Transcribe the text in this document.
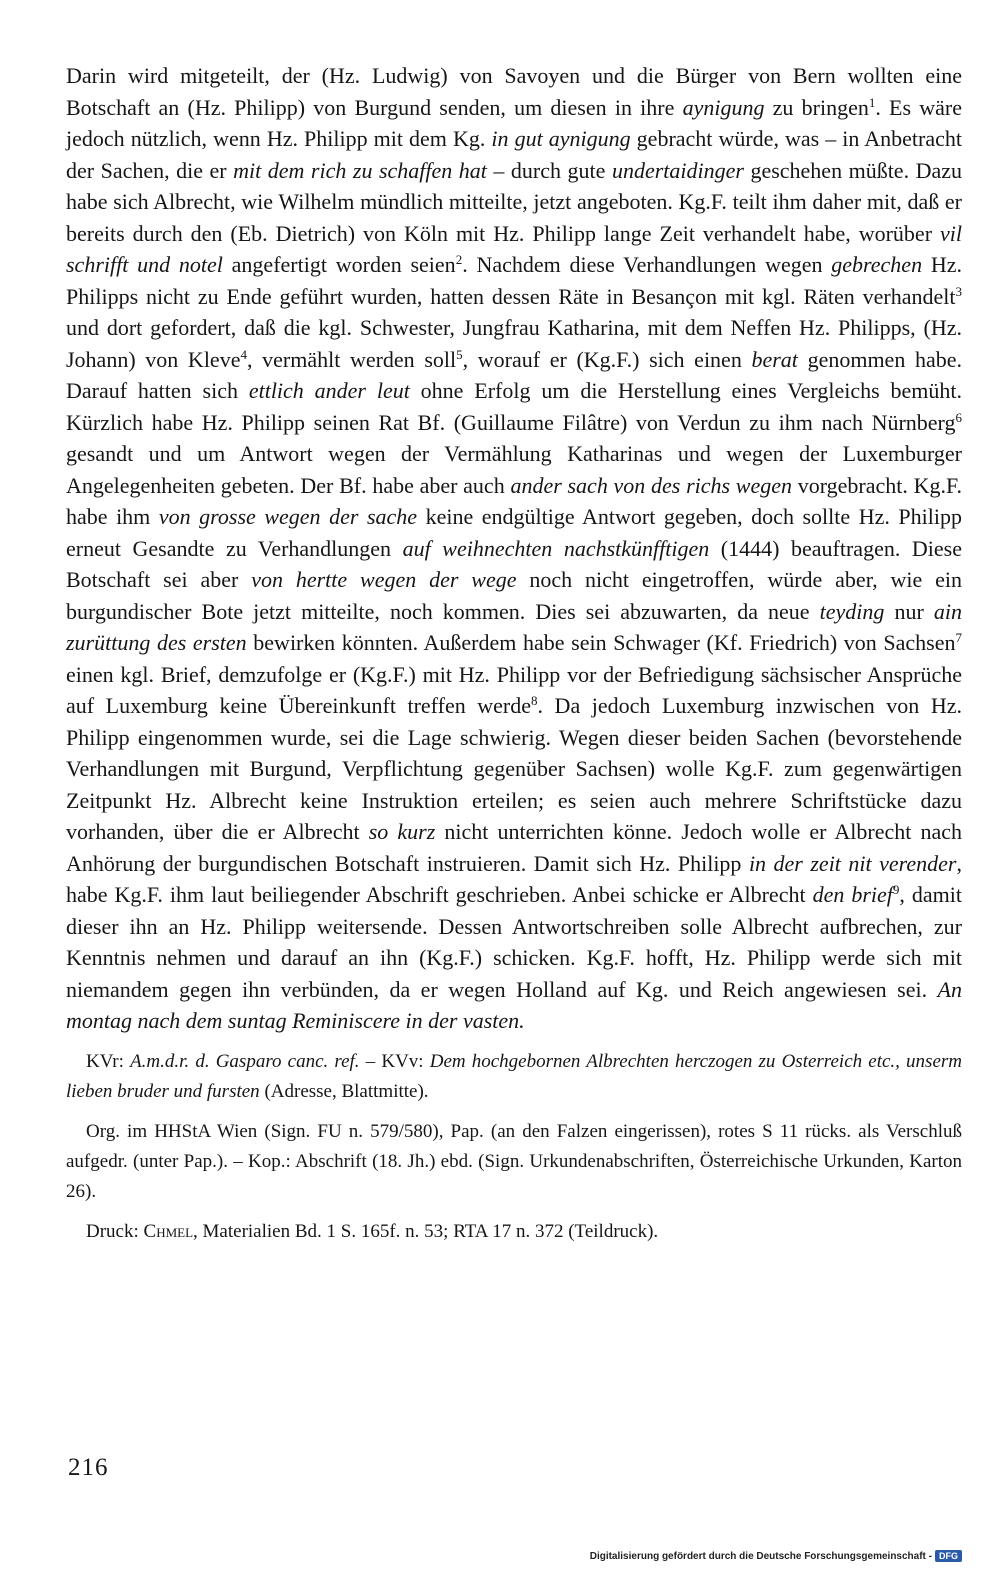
Darin wird mitgeteilt, der (Hz. Ludwig) von Savoyen und die Bürger von Bern wollten eine Botschaft an (Hz. Philipp) von Burgund senden, um diesen in ihre aynigung zu bringen$^1$. Es wäre jedoch nützlich, wenn Hz. Philipp mit dem Kg. in gut aynigung gebracht würde, was – in Anbetracht der Sachen, die er mit dem rich zu schaffen hat – durch gute undertaidinger geschehen müßte. Dazu habe sich Albrecht, wie Wilhelm mündlich mitteilte, jetzt angeboten. Kg.F. teilt ihm daher mit, daß er bereits durch den (Eb. Dietrich) von Köln mit Hz. Philipp lange Zeit verhandelt habe, worüber vil schrifft und notel angefertigt worden seien$^2$. Nachdem diese Verhandlungen wegen gebrechen Hz. Philipps nicht zu Ende geführt wurden, hatten dessen Räte in Besançon mit kgl. Räten verhandelt$^3$ und dort gefordert, daß die kgl. Schwester, Jungfrau Katharina, mit dem Neffen Hz. Philipps, (Hz. Johann) von Kleve$^4$, vermählt werden soll$^5$, worauf er (Kg.F.) sich einen berat genommen habe. Darauf hatten sich ettlich ander leut ohne Erfolg um die Herstellung eines Vergleichs bemüht. Kürzlich habe Hz. Philipp seinen Rat Bf. (Guillaume Filâtre) von Verdun zu ihm nach Nürnberg$^6$ gesandt und um Antwort wegen der Vermählung Katharinas und wegen der Luxemburger Angelegenheiten gebeten. Der Bf. habe aber auch ander sach von des richs wegen vorgebracht. Kg.F. habe ihm von grosse wegen der sache keine endgültige Antwort gegeben, doch sollte Hz. Philipp erneut Gesandte zu Verhandlungen auf weihnechten nachstkünfftigen (1444) beauftragen. Diese Botschaft sei aber von hertte wegen der wege noch nicht eingetroffen, würde aber, wie ein burgundischer Bote jetzt mitteilte, noch kommen. Dies sei abzuwarten, da neue teyding nur ain zurüttung des ersten bewirken könnten. Außerdem habe sein Schwager (Kf. Friedrich) von Sachsen$^7$ einen kgl. Brief, demzufolge er (Kg.F.) mit Hz. Philipp vor der Befriedigung sächsischer Ansprüche auf Luxemburg keine Übereinkunft treffen werde$^8$. Da jedoch Luxemburg inzwischen von Hz. Philipp eingenommen wurde, sei die Lage schwierig. Wegen dieser beiden Sachen (bevorstehende Verhandlungen mit Burgund, Verpflichtung gegenüber Sachsen) wolle Kg.F. zum gegenwärtigen Zeitpunkt Hz. Albrecht keine Instruktion erteilen; es seien auch mehrere Schriftstücke dazu vorhanden, über die er Albrecht so kurz nicht unterrichten könne. Jedoch wolle er Albrecht nach Anhörung der burgundischen Botschaft instruieren. Damit sich Hz. Philipp in der zeit nit verender, habe Kg.F. ihm laut beiliegender Abschrift geschrieben. Anbei schicke er Albrecht den brief$^9$, damit dieser ihn an Hz. Philipp weitersende. Dessen Antwortschreiben solle Albrecht aufbrechen, zur Kenntnis nehmen und darauf an ihn (Kg.F.) schicken. Kg.F. hofft, Hz. Philipp werde sich mit niemandem gegen ihn verbünden, da er wegen Holland auf Kg. und Reich angewiesen sei. An montag nach dem suntag Reminiscere in der vasten.

KVr: A.m.d.r. d. Gasparo canc. ref. – KVv: Dem hochgebornen Albrechten herczogen zu Osterreich etc., unserm lieben bruder und fursten (Adresse, Blattmitte).

Org. im HHStA Wien (Sign. FU n. 579/580), Pap. (an den Falzen eingerissen), rotes S 11 rücks. als Verschluß aufgedr. (unter Pap.). – Kop.: Abschrift (18. Jh.) ebd. (Sign. Urkundenabschriften, Österreichische Urkunden, Karton 26).

Druck: Chmel, Materialien Bd. 1 S. 165f. n. 53; RTA 17 n. 372 (Teildruck).

216
Digitalisierung gefördert durch die Deutsche Forschungsgemeinschaft - DFG
